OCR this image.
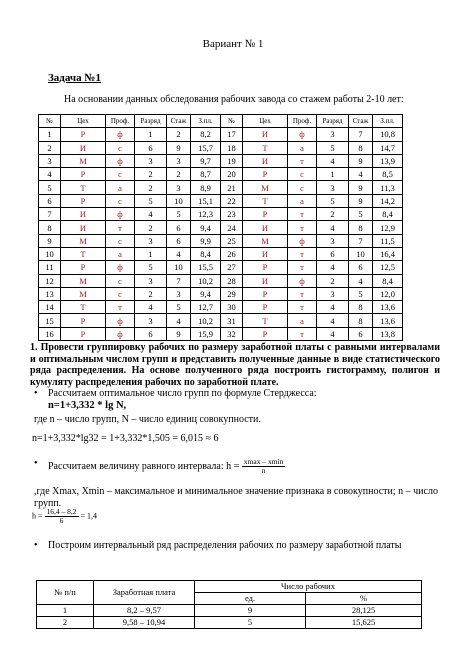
Вариант № 1
Задача №1
На основании данных обследования рабочих завода со стажем работы 2-10 лет:
№	Цех	Проф.	Разряд	Стаж	З.пл.	№	Цех	Проф.	Разряд	Стаж	З.пл.
1	Р	ф	1	2	8,2	17	И	ф	3	7	10,8
2	И	с	6	9	15,7	18	Т	а	5	8	14,7
3	М	ф	3	3	9,7	19	И	т	4	9	13,9
4	Р	с	2	2	8,7	20	Р	с	1	4	8,5
5	Т	а	2	3	8,9	21	М	с	3	9	11,3
6	Р	с	5	10	15,1	22	Т	а	5	9	14,2
7	И	ф	4	5	12,3	23	Р	т	2	5	8,4
8	И	т	2	6	9,4	24	И	т	4	8	12,9
9	М	с	3	6	9,9	25	М	ф	3	7	11,5
10	Т	а	1	4	8,4	26	И	т	6	10	16,4
11	Р	ф	5	10	15,5	27	Р	т	4	6	12,5
12	М	с	3	7	10,2	28	И	ф	2	4	8,4
13	М	с	2	3	9,4	29	Р	т	3	5	12,0
14	Т	т	4	5	12,7	30	Р	т	4	8	13,6
15	Р	ф	3	4	10,2	31	Т	а	4	8	13,6
16	Р	ф	6	9	15,9	32	Р	т	4	6	13,8
1. Провести группировку рабочих по размеру заработной платы с равными интервалами и оптимальным числом групп и представить полученные данные в виде статистического ряда распределения. На основе полученного ряда построить гистограмму, полигон и кумуляту распределения рабочих по заработной плате.
• Рассчитаем оптимальное число групп по формуле Стерджесса:
n=1+3,332 * lg N,
где n – число групп, N – число единиц совокупности.
n=1+3,332*lg32 = 1+3,332*1,505 = 6,015 ≈ 6
• Рассчитаем величину равного интервала: $h = \frac{xmax - xmin}{n}$
,где Xmax, Xmin – максимальное и минимальное значение признака в совокупности; n – число групп.
$h = \frac{16,4 - 8,2}{6} = 1,4$
• Построим интервальный ряд распределения рабочих по размеру заработной платы
№ п/п	Заработная плата	Число рабочих	
		ед.	%
1	8,2 – 9,57	9	28,125
2	9,58 – 10,94	5	15,625
